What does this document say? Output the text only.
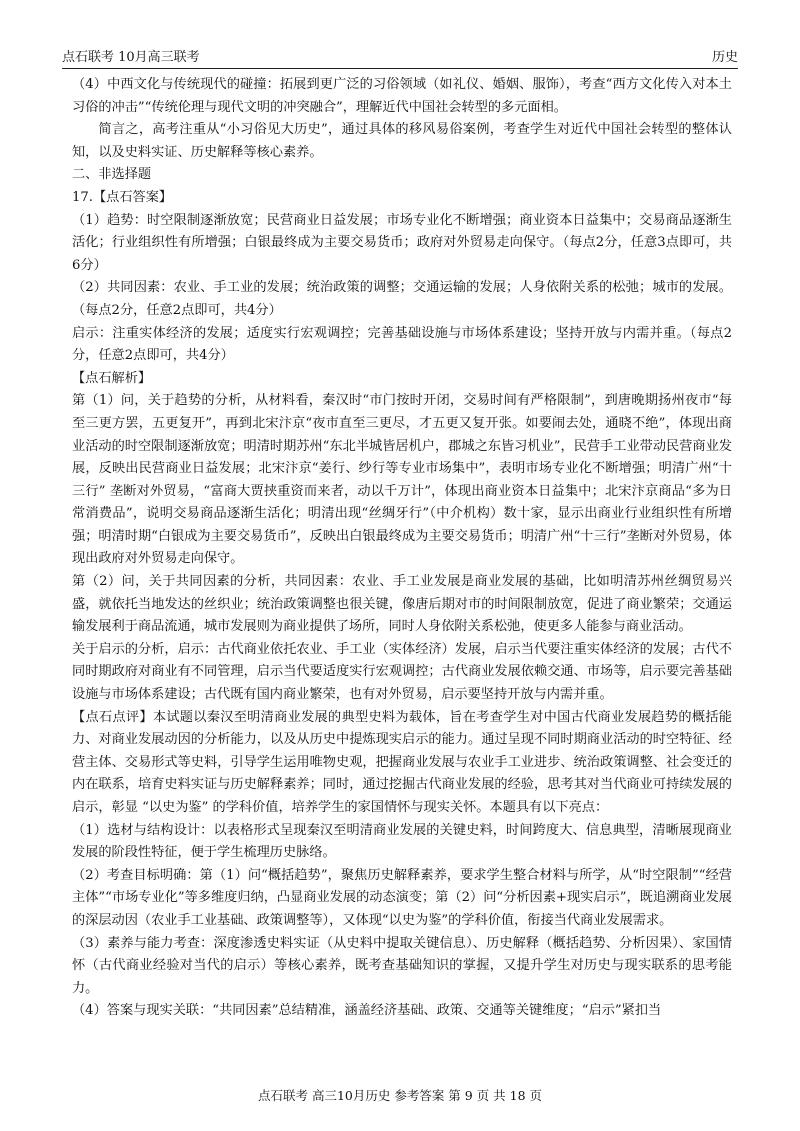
点石联考 10月高三联考	历史

（4）中西文化与传统现代的碰撞：拓展到更广泛的习俗领域（如礼仪、婚姻、服饰），考查“西方文化传入对本土习俗的冲击”“传统伦理与现代文明的冲突融合”，理解近代中国社会转型的多元面相。

简言之，高考注重从“小习俗见大历史”，通过具体的移风易俗案例，考查学生对近代中国社会转型的整体认知，以及史料实证、历史解释等核心素养。

二、非选择题

17.【点石答案】

（1）趋势：时空限制逐渐放宽；民营商业日益发展；市场专业化不断增强；商业资本日益集中；交易商品逐渐生活化；行业组织性有所增强；白银最终成为主要交易货币；政府对外贸易走向保守。（每点2分，任意3点即可，共6分）

（2）共同因素：农业、手工业的发展；统治政策的调整；交通运输的发展；人身依附关系的松弛；城市的发展。（每点2分，任意2点即可，共4分）

启示：注重实体经济的发展；适度实行宏观调控；完善基础设施与市场体系建设；坚持开放与内需并重。（每点2分，任意2点即可，共4分）

【点石解析】

第（1）问，关于趋势的分析，从材料看，秦汉时“市门按时开闭，交易时间有严格限制”，到唐晚期扬州夜市“每至三更方罢，五更复开”，再到北宋汴京“夜市直至三更尽，才五更又复开张。如要闹去处，通晓不绝”，体现出商业活动的时空限制逐渐放宽；明清时期苏州“东北半城皆居机户，郡城之东皆习机业”，民营手工业带动民营商业发展，反映出民营商业日益发展；北宋汴京“姜行、纱行等专业市场集中”，表明市场专业化不断增强；明清广州“十三行” 垄断对外贸易，“富商大贾挟重资而来者，动以千万计”，体现出商业资本日益集中；北宋汴京商品“多为日常消费品”，说明交易商品逐渐生活化；明清出现“丝绸牙行”（中介机构）数十家，显示出商业行业组织性有所增强；明清时期“白银成为主要交易货币”，反映出白银最终成为主要交易货币；明清广州“十三行”垄断对外贸易，体现出政府对外贸易走向保守。

第（2）问，关于共同因素的分析，共同因素：农业、手工业发展是商业发展的基础，比如明清苏州丝绸贸易兴盛，就依托当地发达的丝织业；统治政策调整也很关键，像唐后期对市的时间限制放宽，促进了商业繁荣；交通运输发展利于商品流通，城市发展则为商业提供了场所，同时人身依附关系松弛，使更多人能参与商业活动。

关于启示的分析，启示：古代商业依托农业、手工业（实体经济）发展，启示当代要注重实体经济的发展；古代不同时期政府对商业有不同管理，启示当代要适度实行宏观调控；古代商业发展依赖交通、市场等，启示要完善基础设施与市场体系建设；古代既有国内商业繁荣，也有对外贸易，启示要坚持开放与内需并重。

【点石点评】本试题以秦汉至明清商业发展的典型史料为载体，旨在考查学生对中国古代商业发展趋势的概括能力、对商业发展动因的分析能力，以及从历史中提炼现实启示的能力。通过呈现不同时期商业活动的时空特征、经营主体、交易形式等史料，引导学生运用唯物史观，把握商业发展与农业手工业进步、统治政策调整、社会变迁的内在联系，培育史料实证与历史解释素养；同时，通过挖掘古代商业发展的经验，思考其对当代商业可持续发展的启示，彰显 “以史为鉴” 的学科价值，培养学生的家国情怀与现实关怀。本题具有以下亮点：

（1）选材与结构设计：以表格形式呈现秦汉至明清商业发展的关键史料，时间跨度大、信息典型，清晰展现商业发展的阶段性特征，便于学生梳理历史脉络。

（2）考查目标明确：第（1）问“概括趋势”，聚焦历史解释素养，要求学生整合材料与所学，从“时空限制”“经营主体”“市场专业化”等多维度归纳，凸显商业发展的动态演变；第（2）问“分析因素+现实启示”，既追溯商业发展的深层动因（农业手工业基础、政策调整等），又体现“以史为鉴”的学科价值，衔接当代商业发展需求。

（3）素养与能力考查：深度渗透史料实证（从史料中提取关键信息）、历史解释（概括趋势、分析因果）、家国情怀（古代商业经验对当代的启示）等核心素养，既考查基础知识的掌握，又提升学生对历史与现实联系的思考能力。

（4）答案与现实关联：“共同因素”总结精准，涵盖经济基础、政策、交通等关键维度；“启示”紧扣当

点石联考 高三10月历史 参考答案 第 9 页 共 18 页
